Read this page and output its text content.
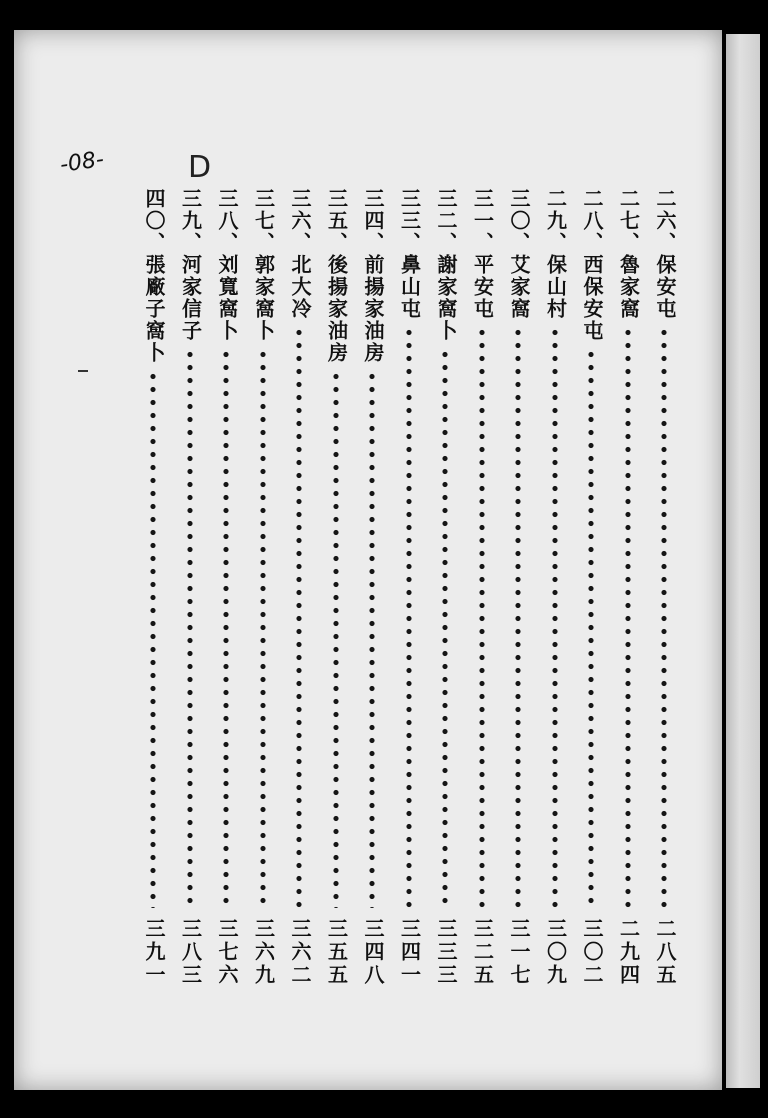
-08-	D
二六、保安屯
二八五
二七、魯家窩
二九四
二八、西保安屯
三〇二
二九、保山村
三〇九
三〇、艾家窩
三一七
三一、平安屯
三二五
三二、謝家窩卜
三三三
三三、鼻山屯
三四一
三四、前揚家油房
三四八
三五、後揚家油房
三五五
三六、北大冷
三六二
三七、郭家窩卜
三六九
三八、刘寬窩卜
三七六
三九、河家信子
三八三
四〇、張廠子窩卜
三九一
